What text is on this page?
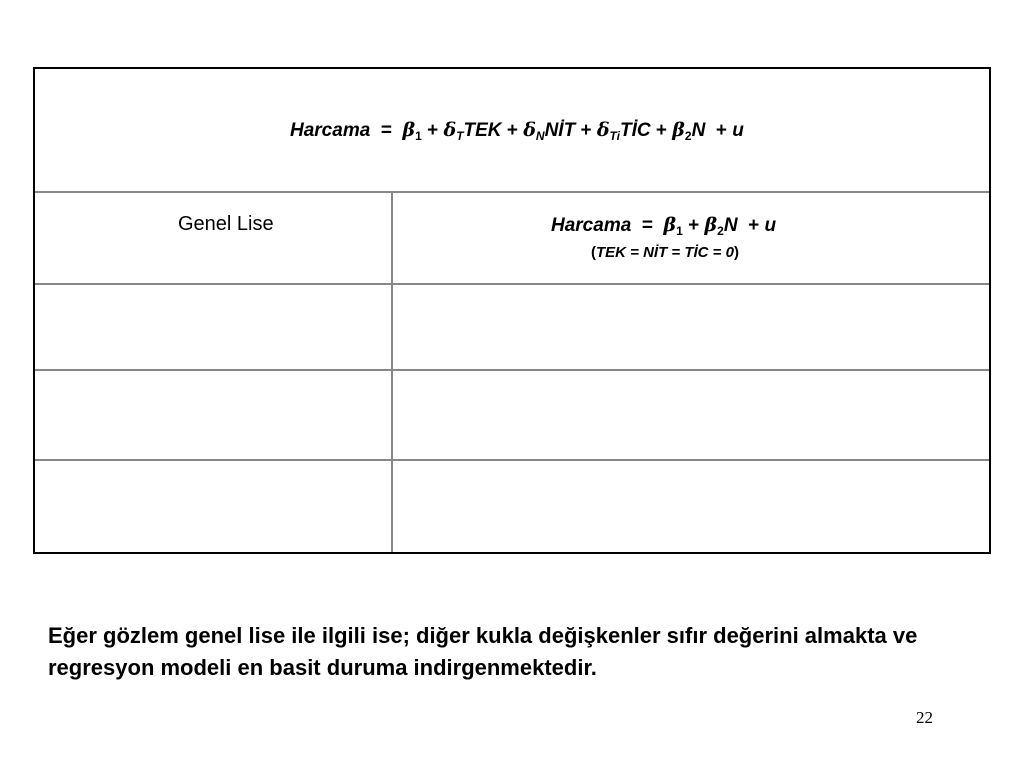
Harcama = $\beta_1 + \delta_TTEK$ + $\delta_NNİT$ + $\delta_{Ti}TİC + \beta_2N + u$
Genel Lise	Harcama = $\beta_1 + \beta_2N + u$
(TEK = NİT = TİC = 0)
Eğer gözlem genel lise ile ilgili ise; diğer kukla değişkenler sıfır değerini almakta ve regresyon modeli en basit duruma indirgenmektedir.
22
